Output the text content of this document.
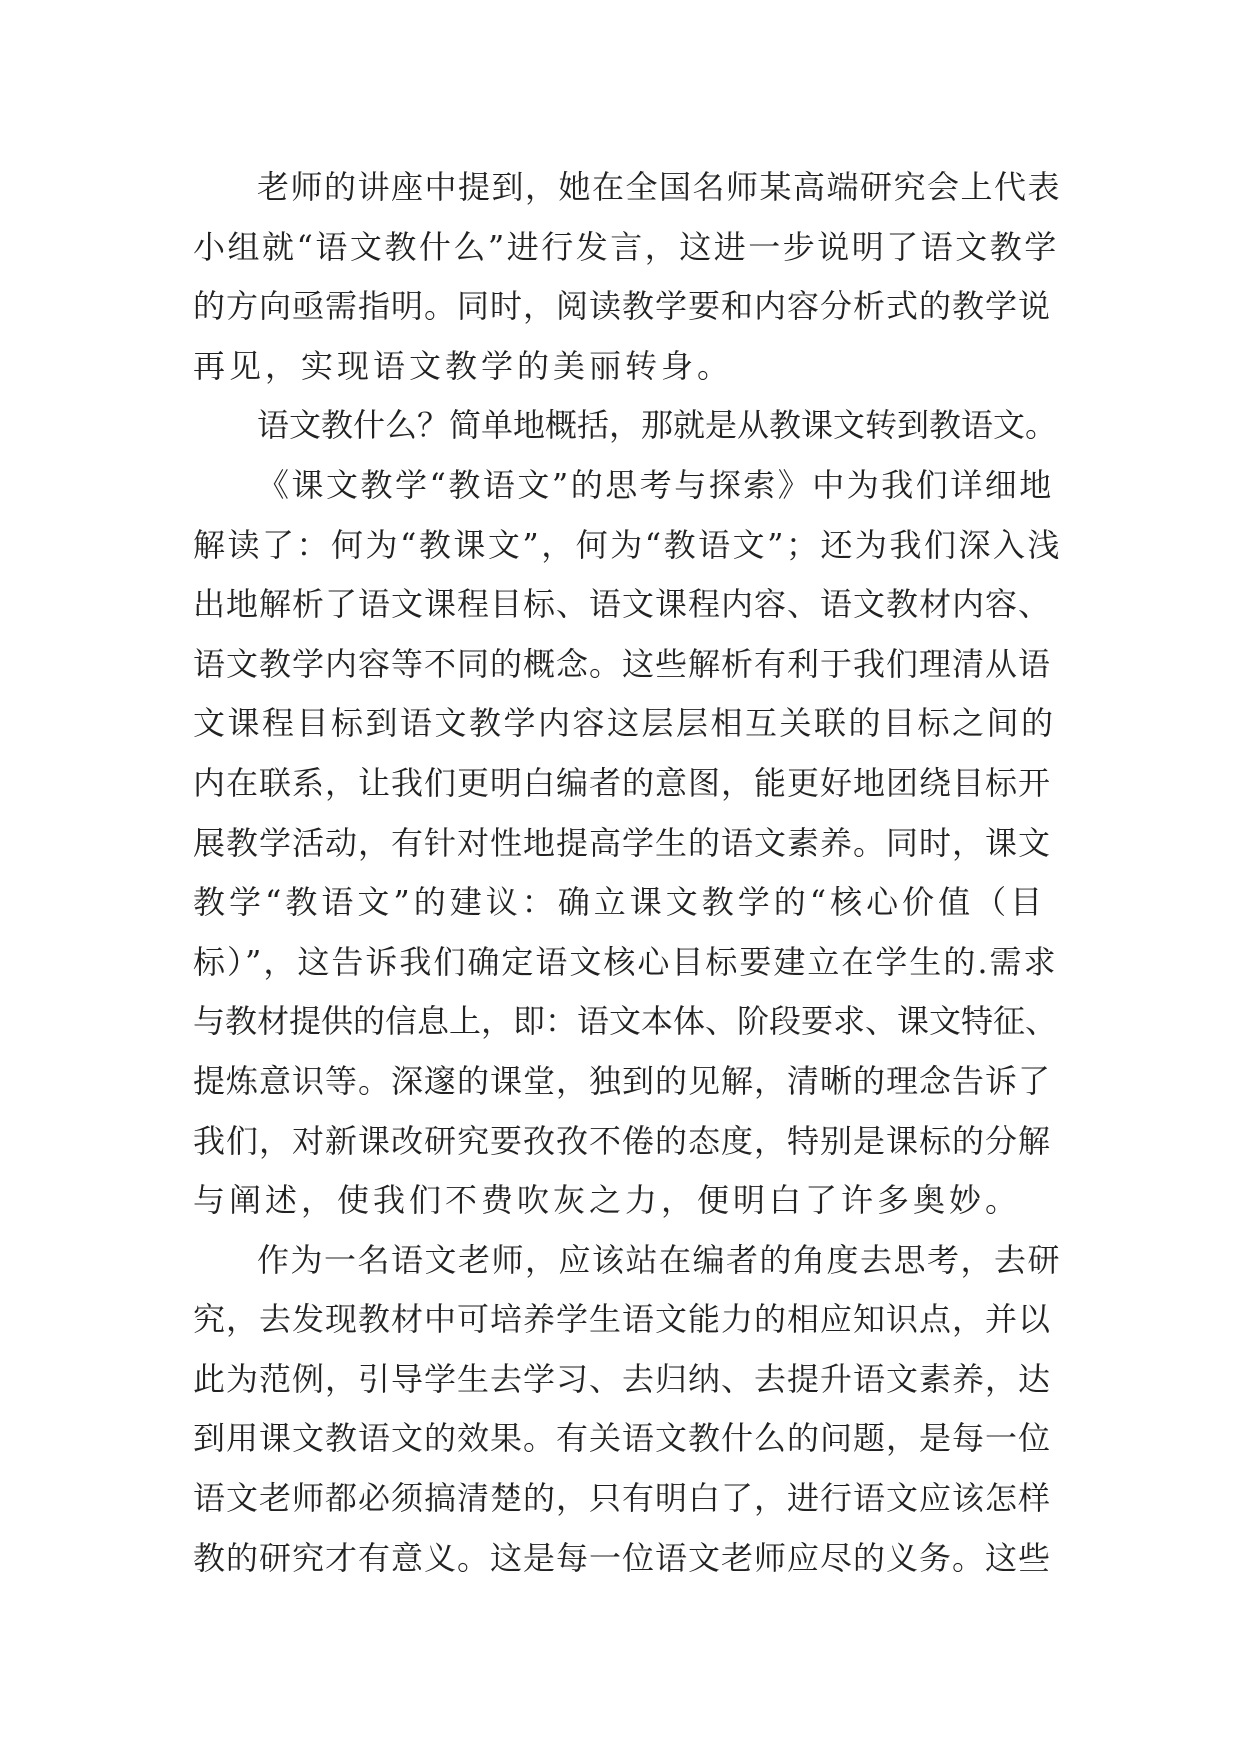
老师的讲座中提到，她在全国名师某高端研究会上代表
小组就“语文教什么”进行发言，这进一步说明了语文教学
的方向亟需指明。同时，阅读教学要和内容分析式的教学说
再见，实现语文教学的美丽转身。
语文教什么？简单地概括，那就是从教课文转到教语文。
《课文教学“教语文”的思考与探索》中为我们详细地
解读了：何为“教课文”，何为“教语文”；还为我们深入浅
出地解析了语文课程目标、语文课程内容、语文教材内容、
语文教学内容等不同的概念。这些解析有利于我们理清从语
文课程目标到语文教学内容这层层相互关联的目标之间的
内在联系，让我们更明白编者的意图，能更好地团绕目标开
展教学活动，有针对性地提高学生的语文素养。同时，课文
教学“教语文”的建议：确立课文教学的“核心价值（目
标）”，这告诉我们确定语文核心目标要建立在学生的.需求
与教材提供的信息上，即：语文本体、阶段要求、课文特征、
提炼意识等。深邃的课堂，独到的见解，清晰的理念告诉了
我们，对新课改研究要孜孜不倦的态度，特别是课标的分解
与阐述，使我们不费吹灰之力，便明白了许多奥妙。
作为一名语文老师，应该站在编者的角度去思考，去研
究，去发现教材中可培养学生语文能力的相应知识点，并以
此为范例，引导学生去学习、去归纳、去提升语文素养，达
到用课文教语文的效果。有关语文教什么的问题，是每一位
语文老师都必须搞清楚的，只有明白了，进行语文应该怎样
教的研究才有意义。这是每一位语文老师应尽的义务。这些
